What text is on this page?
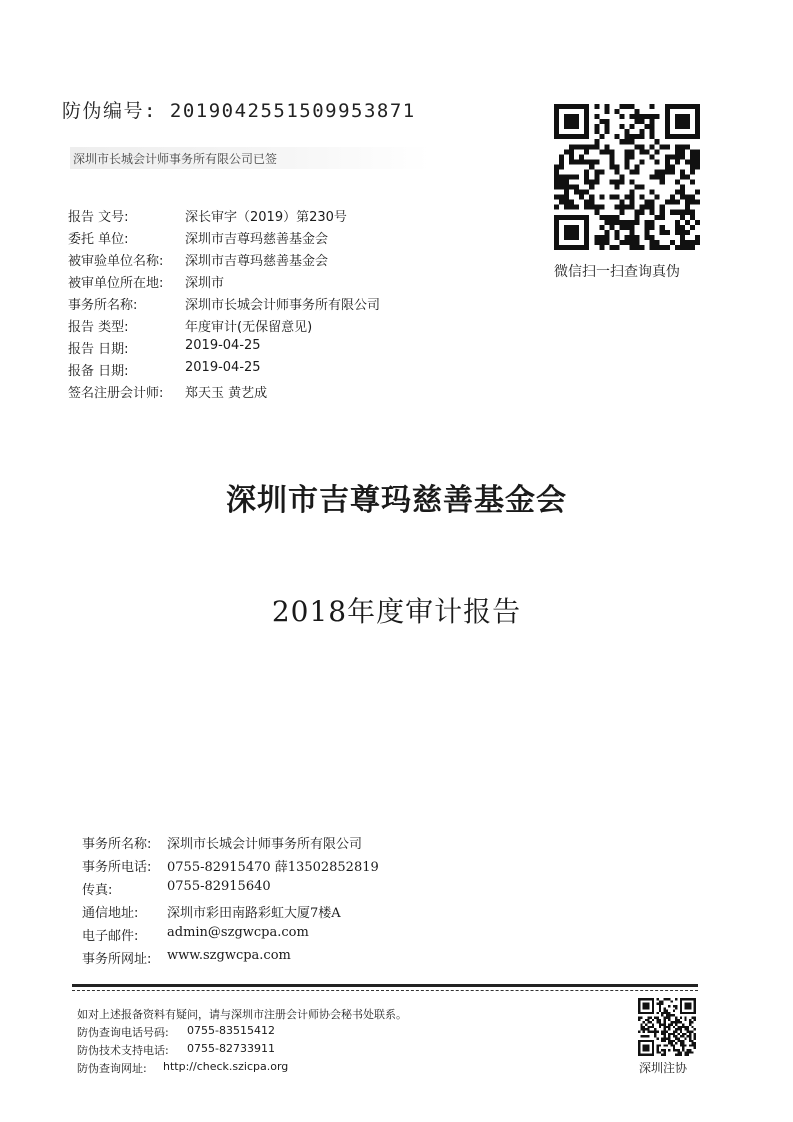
防伪编号: 2019042551509953871
深圳市长城会计师事务所有限公司已签
微信扫一扫查询真伪
报告 文号:	深长审字（2019）第230号
委托 单位:	深圳市吉尊玛慈善基金会
被审验单位名称:	深圳市吉尊玛慈善基金会
被审单位所在地:	深圳市
事务所名称:	深圳市长城会计师事务所有限公司
报告 类型:	年度审计(无保留意见)
报告 日期:	2019-04-25
报备 日期:	2019-04-25
签名注册会计师:	郑天玉 黄艺成
深圳市吉尊玛慈善基金会
2018年度审计报告
事务所名称:	深圳市长城会计师事务所有限公司
事务所电话:	0755-82915470 薛13502852819
传真:	0755-82915640
通信地址:	深圳市彩田南路彩虹大厦7楼A
电子邮件:	admin@szgwcpa.com
事务所网址:	www.szgwcpa.com
如对上述报备资料有疑问，请与深圳市注册会计师协会秘书处联系。
防伪查询电话号码: 0755-83515412
防伪技术支持电话: 0755-82733911
防伪查询网址: http://check.szicpa.org	深圳注协
